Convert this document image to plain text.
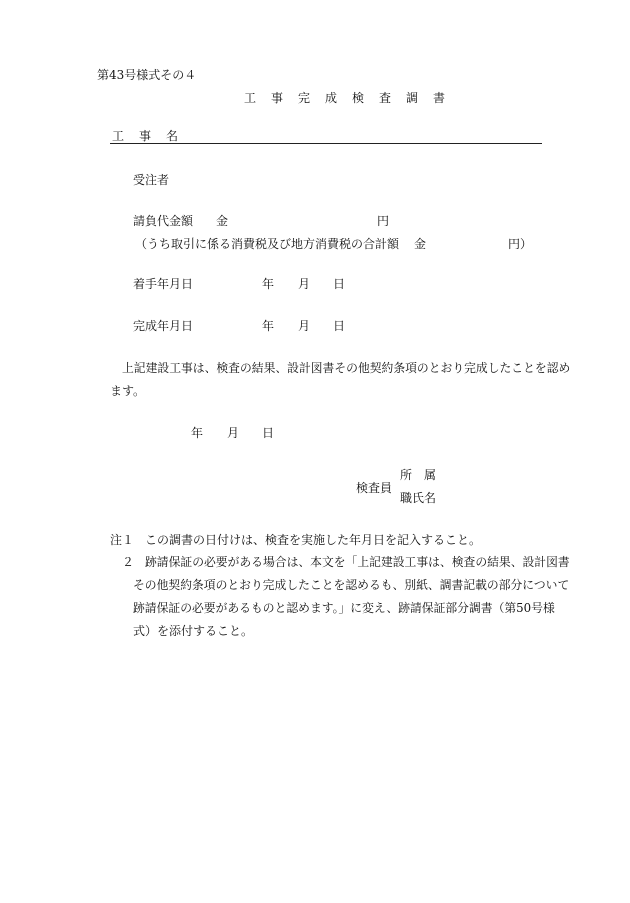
第43号様式その４
工事完成検査調書
工事名
受注者
請負代金額 金	円
（うち取引に係る消費税及び地方消費税の合計額 金	円）
着手年月日	年 月 日
完成年月日	年 月 日
上記建設工事は、検査の結果、設計図書その他契約条項のとおり完成したことを認め
ます。
年 月 日
所　属
検査員
職氏名
注１ この調書の日付けは、検査を実施した年月日を記入すること。
２ 跡請保証の必要がある場合は、本文を「上記建設工事は、検査の結果、設計図書
その他契約条項のとおり完成したことを認めるも、別紙、調書記載の部分について
跡請保証の必要があるものと認めます。」に変え、跡請保証部分調書（第50号様
式）を添付すること。
